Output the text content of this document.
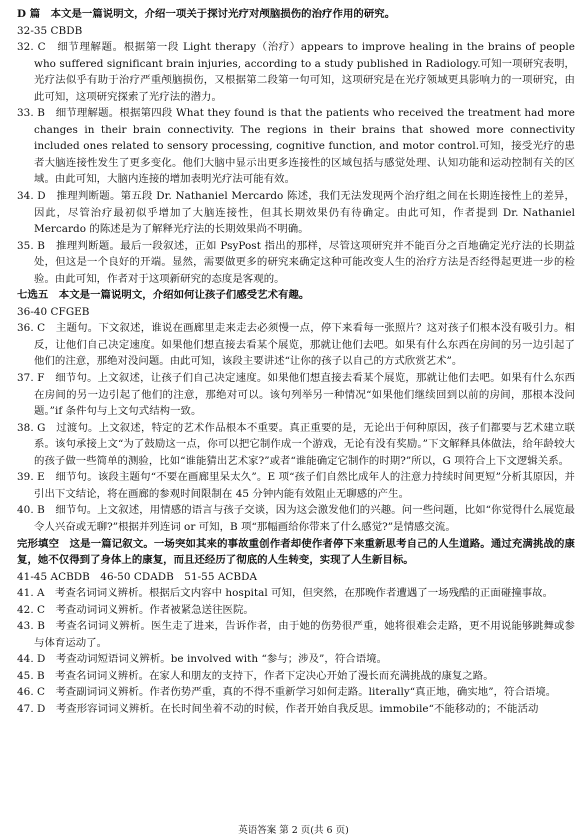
D 篇　本文是一篇说明文，介绍一项关于探讨光疗对颅脑损伤的治疗作用的研究。

32-35 CBDB

32. C　细节理解题。根据第一段 Light therapy（治疗）appears to improve healing in the brains of people who suffered significant brain injuries, according to a study published in Radiology.可知一项研究表明，光疗法似乎有助于治疗严重颅脑损伤，又根据第二段第一句可知，这项研究是在光疗领域更具影响力的一项研究，由此可知，这项研究探索了光疗法的潜力。

33. B　细节理解题。根据第四段 What they found is that the patients who received the treatment had more changes in their brain connectivity. The regions in their brains that showed more connectivity included ones related to sensory processing, cognitive function, and motor control.可知，接受光疗的患者大脑连接性发生了更多变化。他们大脑中显示出更多连接性的区域包括与感觉处理、认知功能和运动控制有关的区域。由此可知，大脑内连接的增加表明光疗法可能有效。

34. D　推理判断题。第五段 Dr. Nathaniel Mercardo 陈述，我们无法发现两个治疗组之间在长期连接性上的差异，因此，尽管治疗最初似乎增加了大脑连接性，但其长期效果仍有待确定。由此可知，作者提到 Dr. Nathaniel Mercardo 的陈述是为了解释光疗法的长期效果尚不明确。

35. B　推理判断题。最后一段叙述，正如 PsyPost 指出的那样，尽管这项研究并不能百分之百地确定光疗法的长期益处，但这是一个良好的开端。显然，需要做更多的研究来确定这种可能改变人生的治疗方法是否经得起更进一步的检验。由此可知，作者对于这项新研究的态度是客观的。

七选五　本文是一篇说明文，介绍如何让孩子们感受艺术有趣。

36-40 CFGEB

36. C　主题句。下文叙述，谁说在画廊里走来走去必须慢一点，停下来看每一张照片？这对孩子们根本没有吸引力。相反，让他们自己决定速度。如果他们想直接去看某个展览，那就让他们去吧。如果有什么东西在房间的另一边引起了他们的注意，那绝对没问题。由此可知，该段主要讲述“让你的孩子以自己的方式欣赏艺术”。

37. F　细节句。上文叙述，让孩子们自己决定速度。如果他们想直接去看某个展览，那就让他们去吧。如果有什么东西在房间的另一边引起了他们的注意，那绝对可以。该句列举另一种情况“如果他们继续回到以前的房间，那根本没问题。”if 条件句与上文句式结构一致。

38. G　过渡句。上文叙述，特定的艺术作品根本不重要。真正重要的是，无论出于何种原因，孩子们都要与艺术建立联系。该句承接上文“为了鼓励这一点，你可以把它制作成一个游戏，无论有没有奖励。”下文解释具体做法，给年龄较大的孩子做一些简单的测验，比如“谁能猜出艺术家?”或者“谁能确定它制作的时期?”所以，G 项符合上下文逻辑关系。

39. E　细节句。该段主题句“不要在画廊里呆太久”。E 项“孩子们自然比成年人的注意力持续时间更短”分析其原因，并引出下文结论，将在画廊的参观时间限制在 45 分钟内能有效阻止无聊感的产生。

40. B　细节句。上文叙述，用情感的语言与孩子交谈，因为这会激发他们的兴趣。问一些问题，比如“你觉得什么展览最令人兴奋或无聊?”根据并列连词 or 可知，B 项“那幅画给你带来了什么感觉?”是情感交流。

完形填空　这是一篇记叙文。一场突如其来的事故重创作者却使作者停下来重新思考自己的人生道路。通过充满挑战的康复，她不仅得到了身体上的康复，而且还经历了彻底的人生转变，实现了人生新目标。

41-45 ACBDB　46-50 CDADB　51-55 ACBDA

41. A　考查名词词义辨析。根据后文内容中 hospital 可知，但突然，在那晚作者遭遇了一场残酷的正面碰撞事故。

42. C　考查动词词义辨析。作者被紧急送往医院。

43. B　考查名词词义辨析。医生走了进来，告诉作者，由于她的伤势很严重，她将很难会走路，更不用说能够跳舞或参与体育运动了。

44. D　考查动词短语词义辨析。be involved with “参与；涉及”，符合语境。

45. B　考查名词词义辨析。在家人和朋友的支持下，作者下定决心开始了漫长而充满挑战的康复之路。

46. C　考查副词词义辨析。作者伤势严重，真的不得不重新学习如何走路。literally“真正地，确实地”，符合语境。

47. D　考查形容词词义辨析。在长时间坐着不动的时候，作者开始自我反思。immobile“不能移动的；不能活动

英语答案 第 2 页(共 6 页)
